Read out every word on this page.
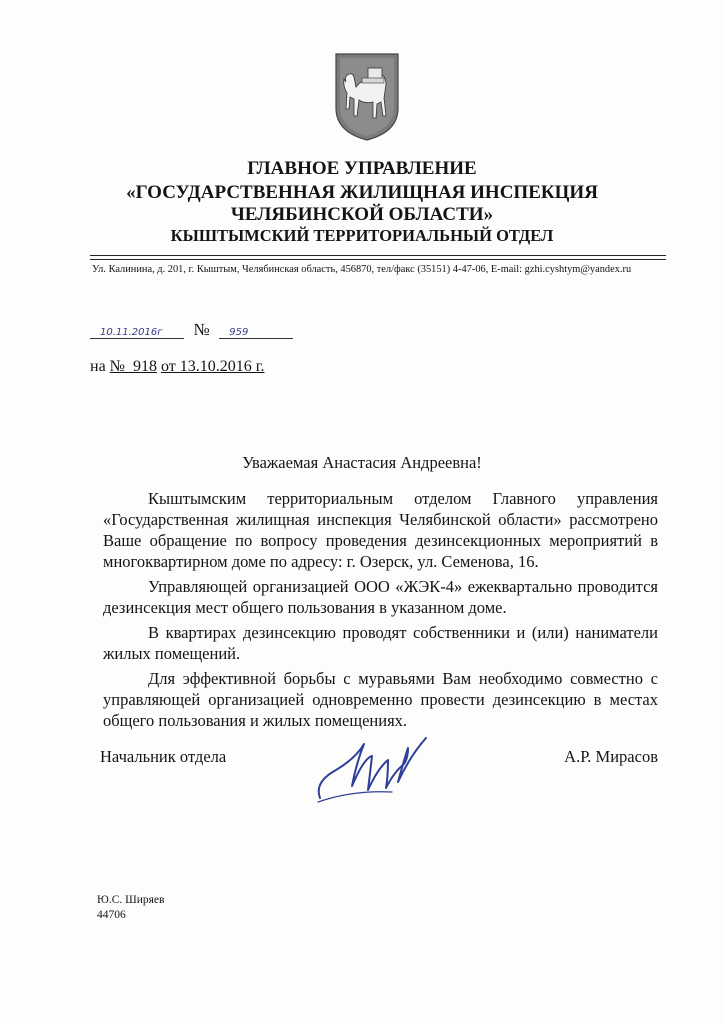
ГЛАВНОЕ УПРАВЛЕНИЕ
«ГОСУДАРСТВЕННАЯ ЖИЛИЩНАЯ ИНСПЕКЦИЯ
ЧЕЛЯБИНСКОЙ ОБЛАСТИ»
КЫШТЫМСКИЙ ТЕРРИТОРИАЛЬНЫЙ ОТДЕЛ
Ул. Калинина, д. 201, г. Кыштым, Челябинская область, 456870, тел/факс (35151) 4-47-06, E-mail: gzhi.cyshtym@yandex.ru
10.11.2016г № 959
на №  918 от 13.10.2016 г.
Уважаемая Анастасия Андреевна!

Кыштымским территориальным отделом Главного управления «Государственная жилищная инспекция Челябинской области» рассмотрено Ваше обращение по вопросу проведения дезинсекционных мероприятий в многоквартирном доме по адресу: г. Озерск, ул. Семенова, 16.

Управляющей организацией ООО «ЖЭК-4» ежеквартально проводится дезинсекция мест общего пользования в указанном доме.

В квартирах дезинсекцию проводят собственники и (или) наниматели жилых помещений.

Для эффективной борьбы с муравьями Вам необходимо совместно с управляющей организацией одновременно провести дезинсекцию в местах общего пользования и жилых помещениях.

Начальник отдела	А.Р. Мирасов
Ю.С. Ширяев
44706
